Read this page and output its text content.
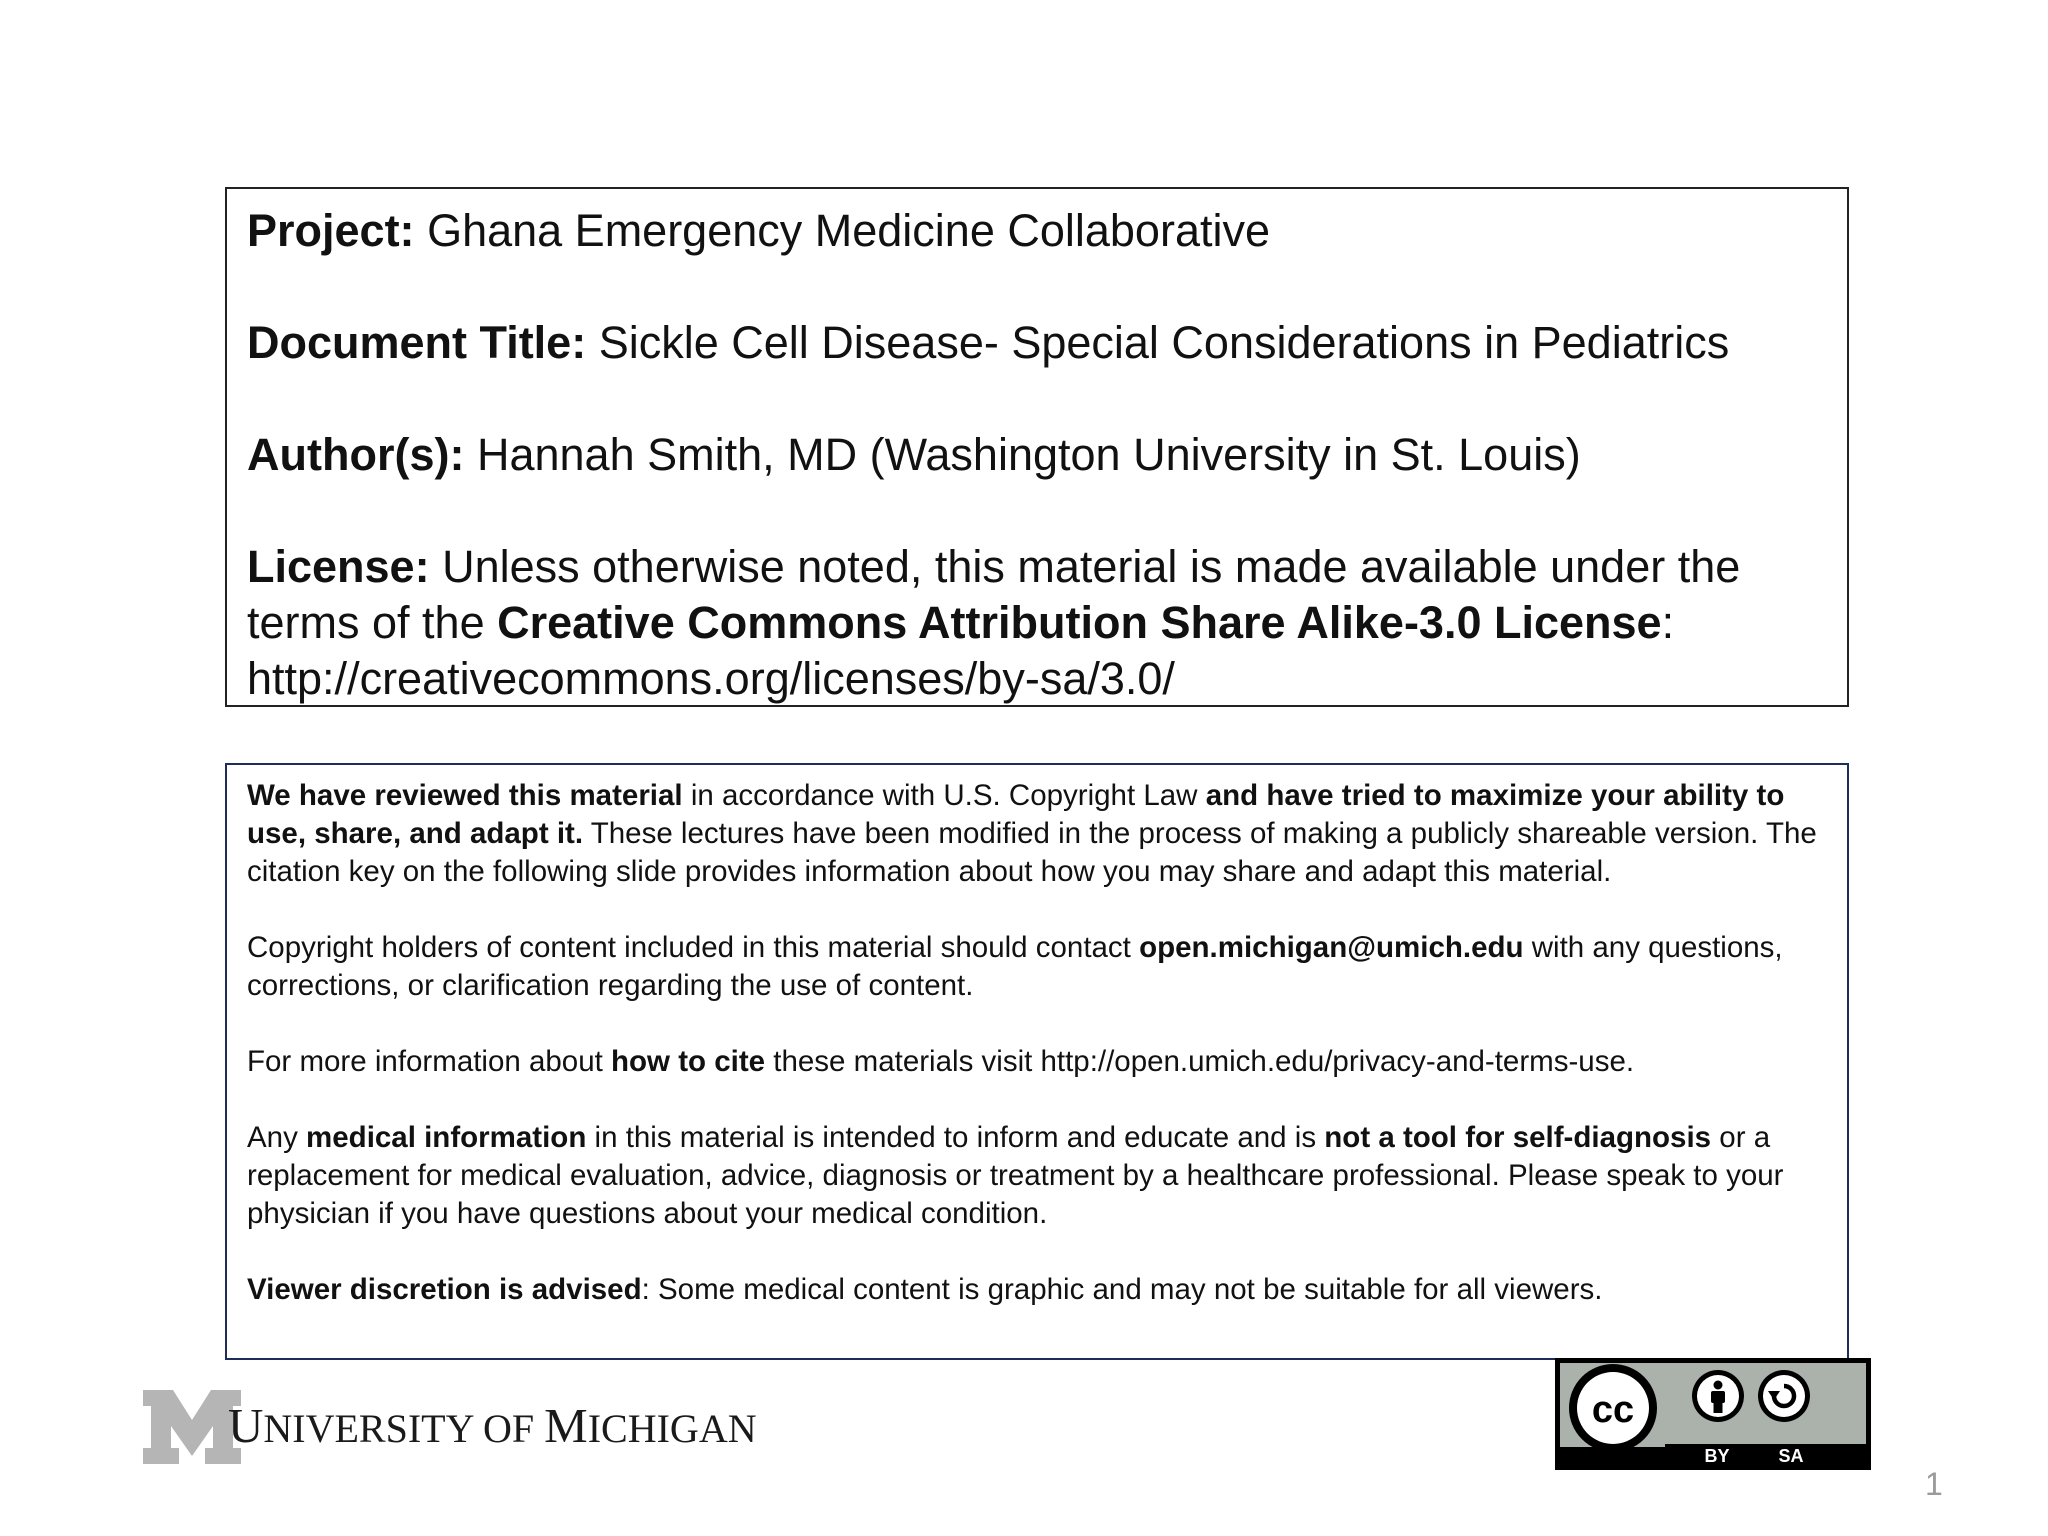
Project: Ghana Emergency Medicine Collaborative

Document Title: Sickle Cell Disease- Special Considerations in Pediatrics

Author(s): Hannah Smith, MD (Washington University in St. Louis)

License: Unless otherwise noted, this material is made available under the terms of the Creative Commons Attribution Share Alike-3.0 License:
http://creativecommons.org/licenses/by-sa/3.0/

We have reviewed this material in accordance with U.S. Copyright Law and have tried to maximize your ability to use, share, and adapt it. These lectures have been modified in the process of making a publicly shareable version. The citation key on the following slide provides information about how you may share and adapt this material.

Copyright holders of content included in this material should contact open.michigan@umich.edu with any questions, corrections, or clarification regarding the use of content.

For more information about how to cite these materials visit http://open.umich.edu/privacy-and-terms-use.

Any medical information in this material is intended to inform and educate and is not a tool for self-diagnosis or a replacement for medical evaluation, advice, diagnosis or treatment by a healthcare professional. Please speak to your physician if you have questions about your medical condition.

Viewer discretion is advised: Some medical content is graphic and may not be suitable for all viewers.

UNIVERSITY OF MICHIGAN	cc
BY	SA
1
